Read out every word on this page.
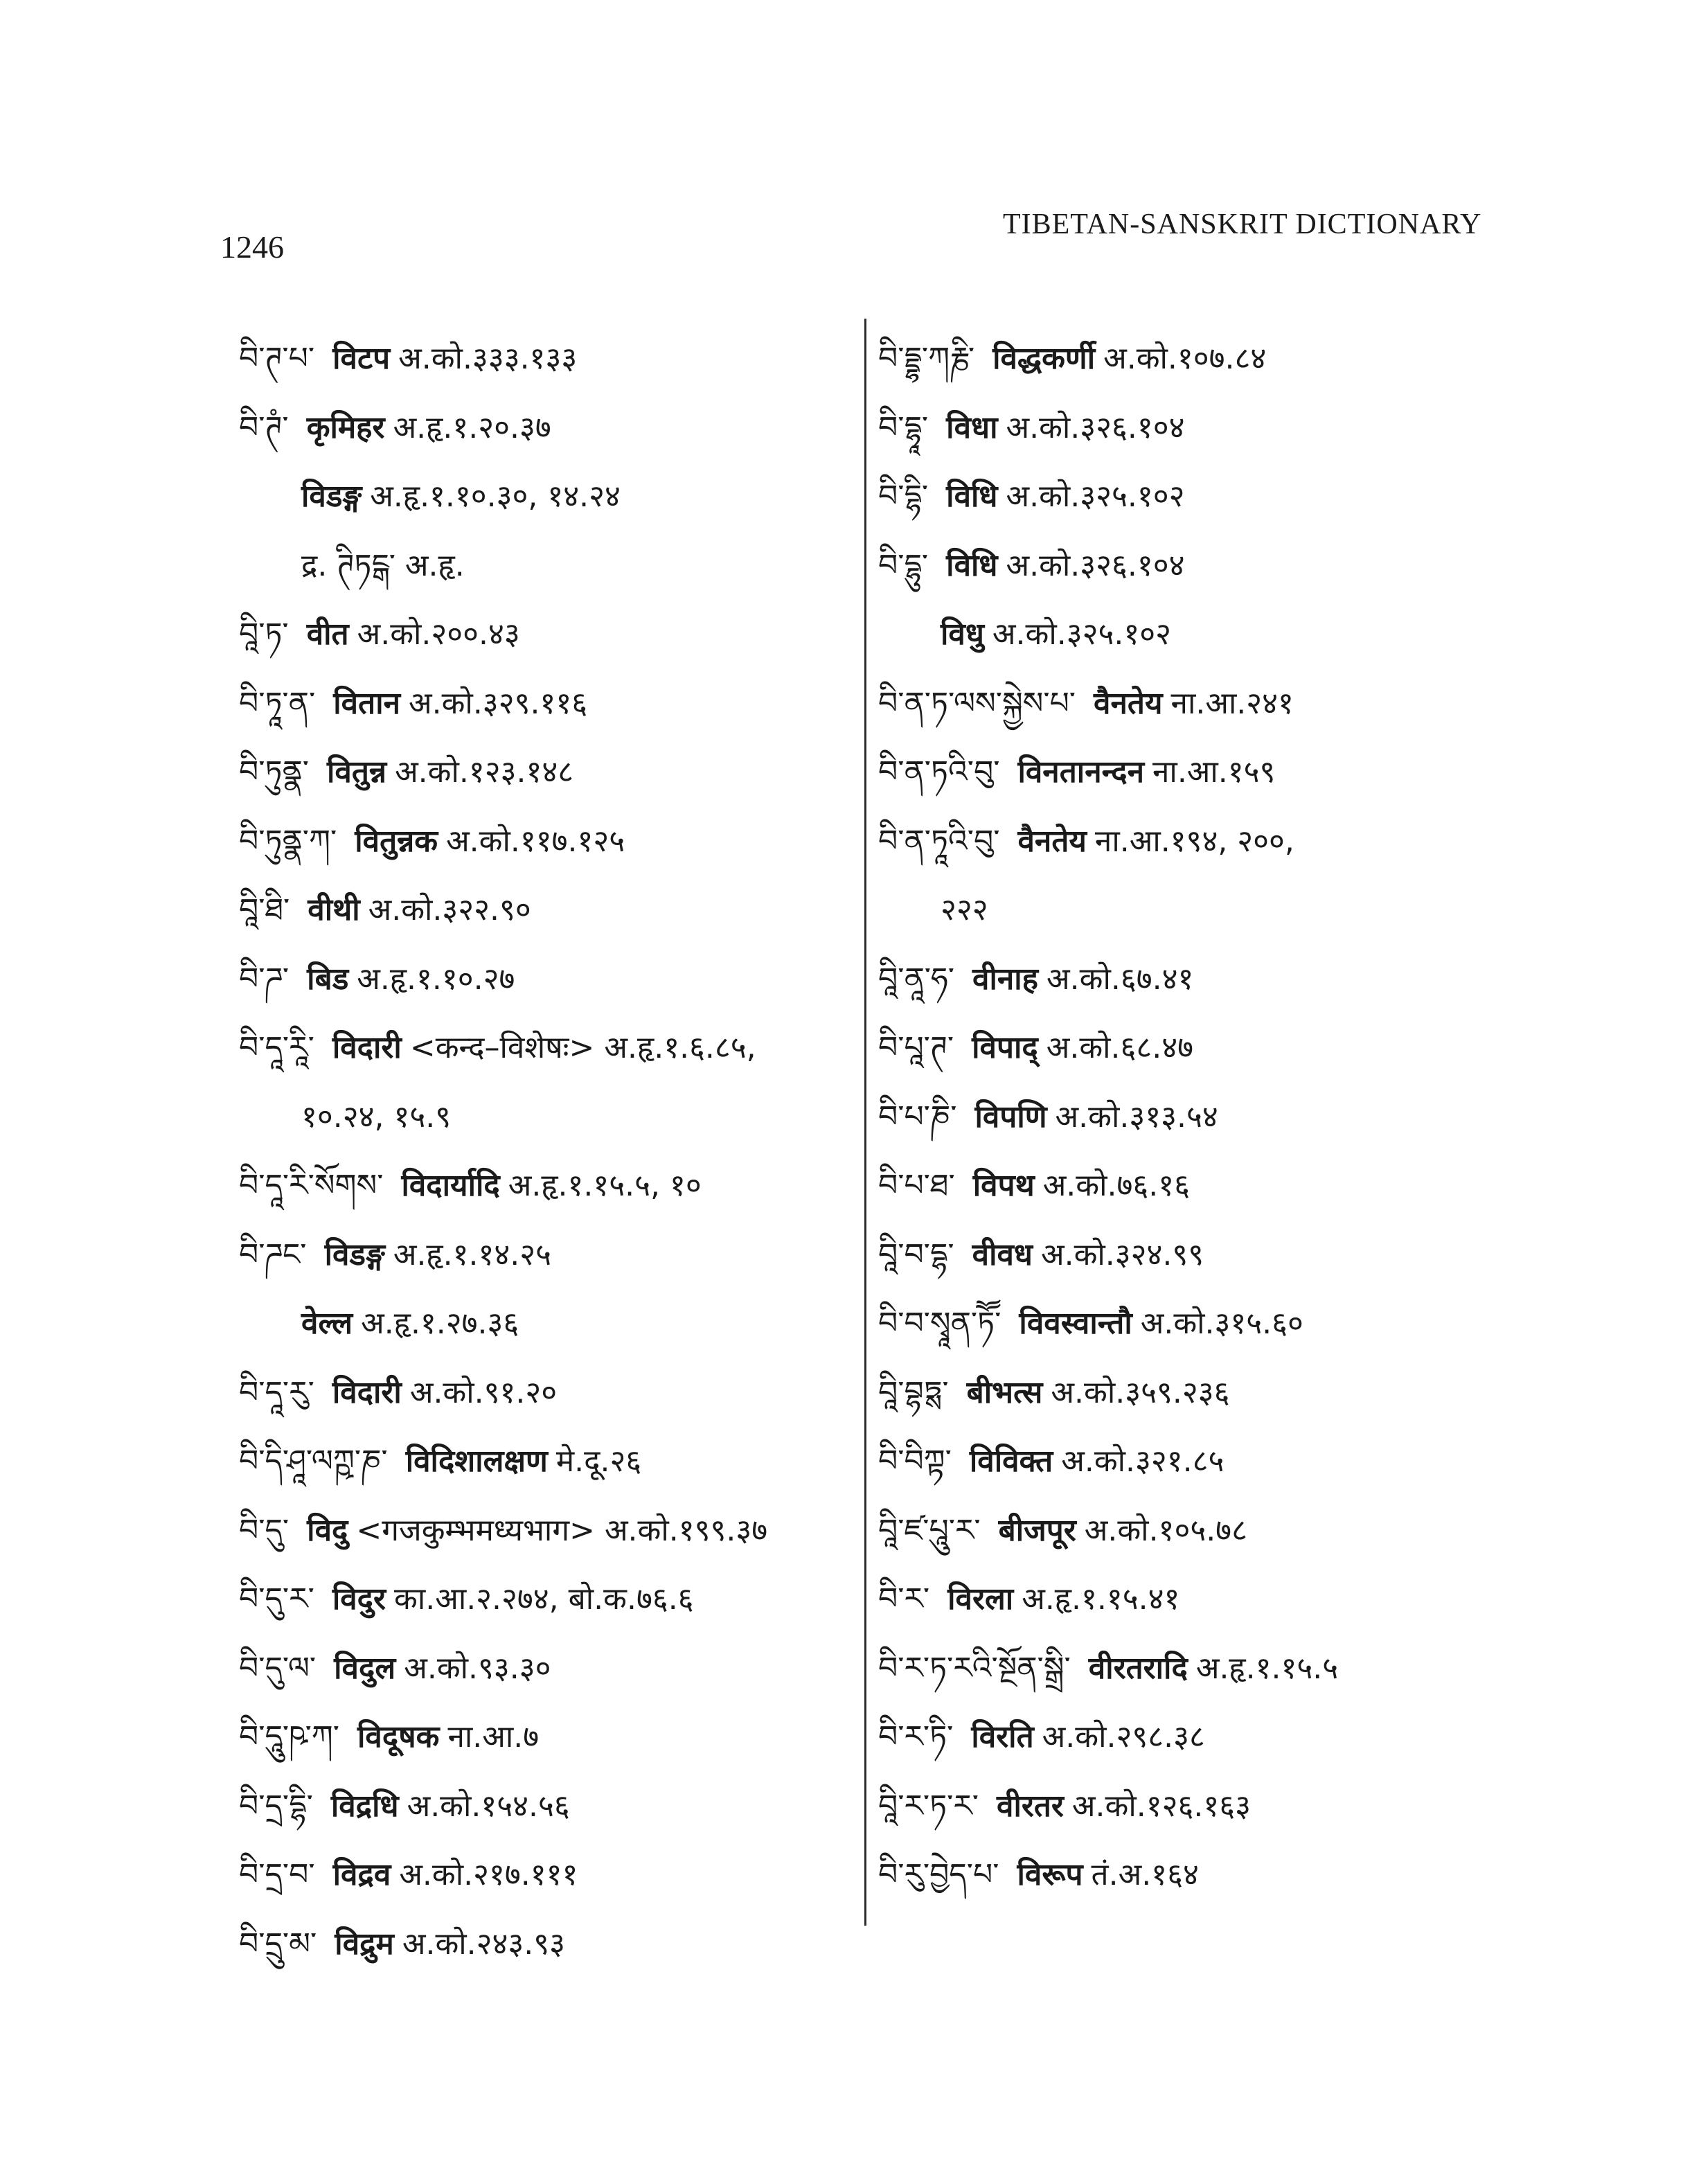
1246
TIBETAN-SANSKRIT DICTIONARY
བི་ཊ་པ་ विटप अ.को.३३३.१३३
བི་ཊཾ་ कृमिहर अ.हृ.१.२०.३७
विडङ्ग अ.हृ.१.१०.३०, १४.२४
द्र. ཊིཏངྒ་ अ.हृ.
བཱི་ཏ་ वीत अ.को.२००.४३
བི་ཏཱ་ན་ वितान अ.को.३२९.११६
བི་ཏུནྣ་ वितुन्न अ.को.१२३.१४८
བི་ཏུནྣ་ཀ་ वितुन्नक अ.को.११७.१२५
བཱི་ཐི་ वीथी अ.को.३२२.९०
བི་ཌ་ बिड अ.हृ.१.१०.२७
བི་དཱ་རཱི་ विदारी <कन्द–विशेषः> अ.हृ.१.६.८५,
१०.२४, १५.९
བི་དཱ་རི་སོགས་ विदार्यादि अ.हृ.१.१५.५, १०
བི་ཌང་ विडङ्ग अ.हृ.१.१४.२५
वेल्ल अ.हृ.१.२७.३६
བི་དཱ་རུ་ विदारी अ.को.९१.२०
བི་དི་ཤཱ་ལཀྵ་ཎ་ विदिशालक्षण मे.दू.२६
བི་དུ་ विदु <गजकुम्भमध्यभाग> अ.को.१९९.३७
བི་དུ་ར་ विदुर का.आ.२.२७४, बो.क.७६.६
བི་དུ་ལ་ विदुल अ.को.९३.३०
བི་དཱུ་ཥ་ཀ་ विदूषक ना.आ.७
བི་དྲ་དྷི་ विद्रधि अ.को.१५४.५६
བི་དྲ་བ་ विद्रव अ.को.२१७.१११
བི་དྲུ་མ་ विद्रुम अ.को.२४३.९३
བི་དྡྷ་ཀརྞི་ विद्धकर्णी अ.को.१०७.८४
བི་དྷཱ་ विधा अ.को.३२६.१०४
བི་དྷི་ विधि अ.को.३२५.१०२
བི་དྷུ་ विधि अ.को.३२६.१०४
विधु अ.को.३२५.१०२
བི་ན་ཏ་ལས་སྐྱེས་པ་ वैनतेय ना.आ.२४१
བི་ན་ཏའི་བུ་ विनतानन्दन ना.आ.१५९
བི་ན་ཏཱའི་བུ་ वैनतेय ना.आ.१९४, २००,
२२२
བཱི་ནཱ་ཧ་ वीनाह अ.को.६७.४१
བི་པཱ་ཊ་ विपाद् अ.को.६८.४७
བི་པ་ཎི་ विपणि अ.को.३१३.५४
བི་པ་ཐ་ विपथ अ.को.७६.१६
བཱི་བ་དྷ་ वीवध अ.को.३२४.९९
བི་བ་སྭཱན་ཏཽ་ विवस्वान्तौ अ.को.३१५.६०
བཱི་བྷཏྶ་ बीभत्स अ.को.३५९.२३६
བི་བིཀྟ་ विविक्त अ.को.३२१.८५
བཱི་ཛ་པཱུ་ར་ बीजपूर अ.को.१०५.७८
བི་ར་ विरला अ.हृ.१.१५.४१
བི་ར་ཏ་རའི་སྔོན་སྒྲི་ वीरतरादि अ.हृ.१.१५.५
བི་ར་ཏི་ विरति अ.को.२९८.३८
བཱི་ར་ཏ་ར་ वीरतर अ.को.१२६.१६३
བི་རུ་བྱེད་པ་ विरूप तं.अ.१६४
